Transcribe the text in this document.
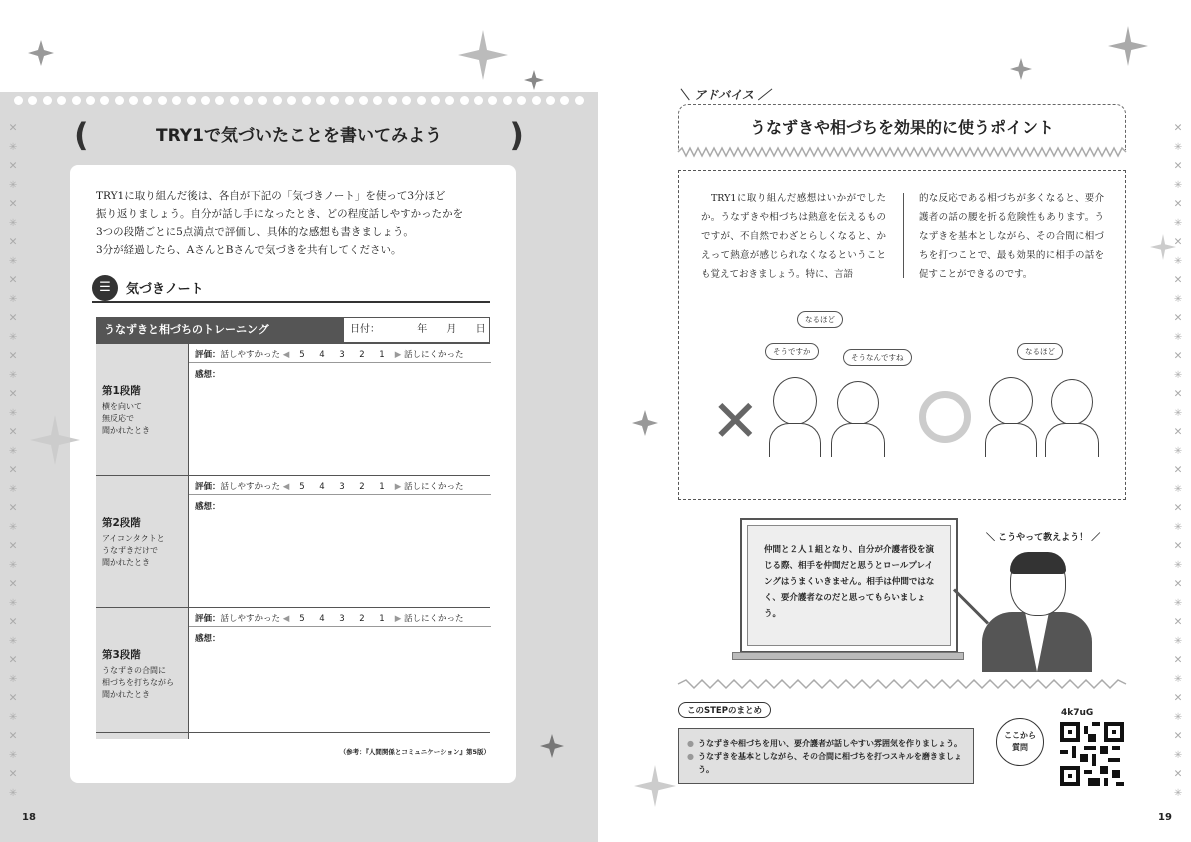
✕
✳
✕
✳
✕
✳
✕
✳
✕
✳
✕
✳
✕
✳
✕
✳
✕
✳
✕
✳
✕
✳
✕
✳
✕
✳
✕
✳
✕
✳
✕
✳
✕
✳
✕
✳

(	TRY1で気づいたことを書いてみよう	)
TRY1に取り組んだ後は、各自が下記の「気づきノート」を使って3分ほど
振り返りましょう。自分が話し手になったとき、どの程度話しやすかったかを
3つの段階ごとに5点満点で評価し、具体的な感想も書きましょう。
3分が経過したら、AさんとBさんで気づきを共有してください。
☰	気づきノート
うなずきと相づちのトレーニング	日付：	年 月 日
第1段階
横を向いて
無反応で
聞かれたとき
評価：話しやすかった ◀ 5 4 3 2 1 ▶ 話しにくかった
感想：
第2段階
アイコンタクトと
うなずきだけで
聞かれたとき
評価：話しやすかった ◀ 5 4 3 2 1 ▶ 話しにくかった
感想：
第3段階
うなずきの合間に
相づちを打ちながら
聞かれたとき
評価：話しやすかった ◀ 5 4 3 2 1 ▶ 話しにくかった
感想：
（参考：『人間関係とコミュニケーション』第5版）
18
✕
✳
✕
✳
✕
✳
✕
✳
✕
✳
✕
✳
✕
✳
✕
✳
✕
✳
✕
✳
✕
✳
✕
✳
✕
✳
✕
✳
✕
✳
✕
✳
✕
✳
✕
✳

＼ アドバイス ／
うなずきや相づちを効果的に使うポイント
　TRY1に取り組んだ感想はいかがでしたか。うなずきや相づちは熱意を伝えるものですが、不自然でわざとらしくなると、かえって熱意が感じられなくなるということも覚えておきましょう。特に、言語
的な反応である相づちが多くなると、要介護者の話の腰を折る危険性もあります。うなずきを基本としながら、その合間に相づちを打つことで、最も効果的に相手の話を促すことができるのです。
なるほど
そうですか
そうなんですね
なるほど
✕
仲間と２人１組となり、自分が介護者役を演じる際、相手を仲間だと思うとロールプレイングはうまくいきません。相手は仲間ではなく、要介護者なのだと思ってもらいましょう。
＼ こうやって教えよう！ ／
このSTEPのまとめ
● うなずきや相づちを用い、要介護者が話しやすい雰囲気を作りましょう。
● うなずきを基本としながら、その合間に相づちを打つスキルを磨きましょう。
ここから
質問
4k7uG
19
